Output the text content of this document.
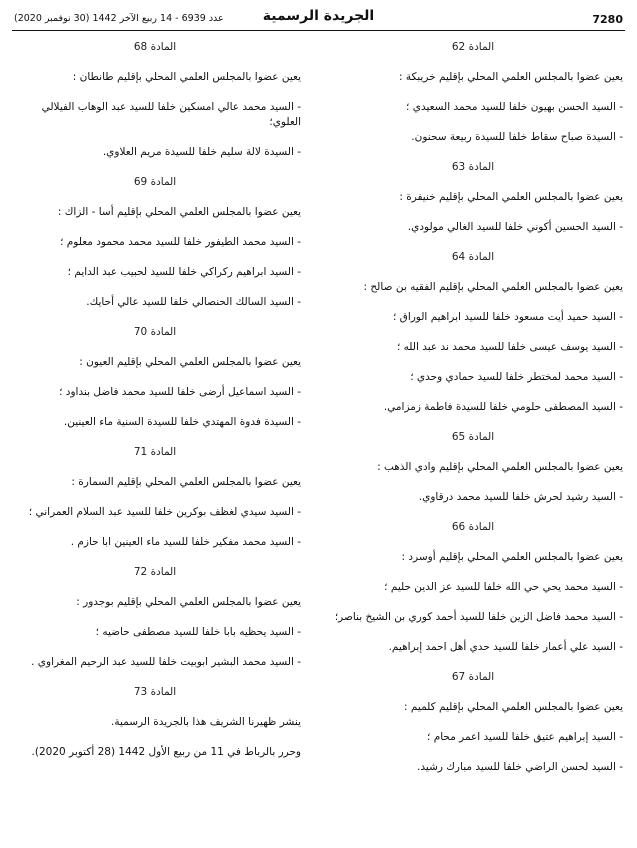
7280
الجريدة الرسمية
عدد 6939 - 14 ربيع الآخر 1442 (30 نوفمبر 2020)
المادة 62
يعين عضوا بالمجلس العلمي المحلي بإقليم خريبكة :
- السيد الحسن بهيون خلفا للسيد محمد السعيدي ؛
- السيدة صباح سقاط خلفا للسيدة ربيعة سحنون.
المادة 63
يعين عضوا بالمجلس العلمي المحلي بإقليم خنيفرة :
- السيد الحسين أكوني خلفا للسيد الغالي مولودي.
المادة 64
يعين عضوا بالمجلس العلمي المحلي بإقليم الفقيه بن صالح :
- السيد حميد أيت مسعود خلفا للسيد ابراهيم الوراق ؛
- السيد يوسف عيسى خلفا للسيد محمد ند عبد الله ؛
- السيد محمد لمختطر خلفا للسيد حمادي وحدي ؛
- السيد المصطفى حلومي خلفا للسيدة فاطمة زمزامي.
المادة 65
يعين عضوا بالمجلس العلمي المحلي بإقليم وادي الذهب :
- السيد رشيد لحرش خلفا للسيد محمد درقاوي.
المادة 66
يعين عضوا بالمجلس العلمي المحلي بإقليم أوسرد :
- السيد محمد يحي حي الله خلفا للسيد عز الدين حليم ؛
- السيد محمد فاضل الزين خلفا للسيد أحمد كوري بن الشيخ بناصر؛
- السيد علي أعمار خلفا للسيد حدي أهل احمد إبراهيم.
المادة 67
يعين عضوا بالمجلس العلمي المحلي بإقليم كلميم :
- السيد إبراهيم عتيق خلفا للسيد اعمر محام ؛
- السيد لحسن الراضي خلفا للسيد مبارك رشيد.
المادة 68
يعين عضوا بالمجلس العلمي المحلي بإقليم طانطان :
- السيد محمد عالي امسكين خلفا للسيد عبد الوهاب الفيلالي العلوي؛
- السيدة لالة سليم خلفا للسيدة مريم العلاوي.
المادة 69
يعين عضوا بالمجلس العلمي المحلي بإقليم أسا - الزاك :
- السيد محمد الطيفور خلفا للسيد محمد محمود معلوم ؛
- السيد ابراهيم ركراكي خلفا للسيد لحبيب عبد الدايم ؛
- السيد السالك الحنصالي خلفا للسيد عالي أحايك.
المادة 70
يعين عضوا بالمجلس العلمي المحلي بإقليم العيون :
- السيد اسماعيل أرضى خلفا للسيد محمد فاضل بنداود ؛
- السيدة فدوة المهتدي خلفا للسيدة السنية ماء العينين.
المادة 71
يعين عضوا بالمجلس العلمي المحلي بإقليم السمارة :
- السيد سيدي لغظف بوكرين خلفا للسيد عبد السلام العمراني ؛
- السيد محمد مفكير خلفا للسيد ماء العينين ابا حازم .
المادة 72
يعين عضوا بالمجلس العلمي المحلي بإقليم بوجدور :
- السيد يحظيه بابا خلفا للسيد مصطفى حاضيه ؛
- السيد محمد البشير ابوبيت خلفا للسيد عبد الرحيم المغراوي .
المادة 73
ينشر ظهيرنا الشريف هذا بالجريدة الرسمية.
وحرر بالرباط في 11 من ربيع الأول 1442 (28 أكتوبر 2020).
